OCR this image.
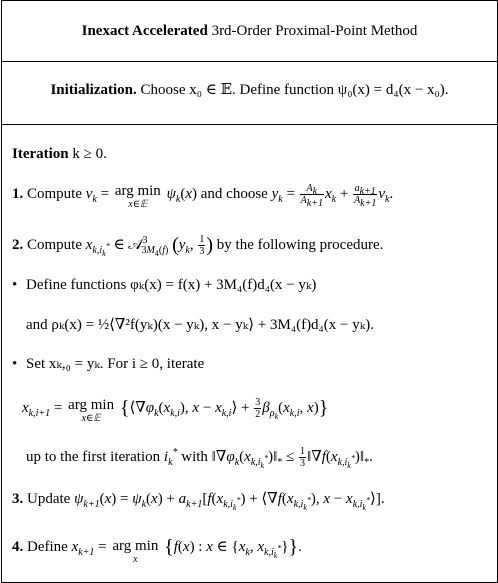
Inexact Accelerated 3rd-Order Proximal-Point Method
Initialization. Choose x₀ ∈ 𝔼. Define function ψ₀(x) = d₄(x − x₀).
Iteration k ≥ 0.
1. Compute $v_k$ = arg min
x∈𝔼
$\psi_k(x)$ and choose $y_k = \frac{A_k}{A_{k+1}} x_k + \frac{a_{k+1}}{A_{k+1}} v_k$.
2. Compute $x_{k,i_k^*}$ ∈ 𝒜$^3_{3M_4(f)}$ ($y_k$, $\frac{1}{3}$ ) by the following procedure.
• Define functions φₖ(x) = f(x) + 3M₄(f)d₄(x − yₖ)
and ρₖ(x) = ½⟨∇²f(yₖ)(x − yₖ), x − yₖ⟩ + 3M₄(f)d₄(x − yₖ).
• Set xₖ,₀ = yₖ. For i ≥ 0, iterate
$x_{k,i+1}$ = arg min
x∈𝔼 {$⟨\nabla\varphi_k(x_{k,i})$, $x - x_{k,i}⟩ + \frac{3}{2} \beta_{\rho_k}(x_{k,i}$, x)}
up to the first iteration $i_k^*$ with $‖\nabla\varphi_k(x_{k,i_k^*})‖_* \le \frac{1}{3}$ $‖\nabla f(x_{k,i_k^*})‖_*$.
3. Update $\psi_{k+1}(x) = \psi_k(x) + a_{k+1}[f(x_{k,i_k^*})$ + $⟨\nabla f(x_{k,i_k^*})$, $x - x_{k,i_k^*}⟩$].
4. Define $x_{k+1}$ = arg min
x
{f(x) : x ∈ {$x_k$, $x_{k,i_k^*}$}}.
